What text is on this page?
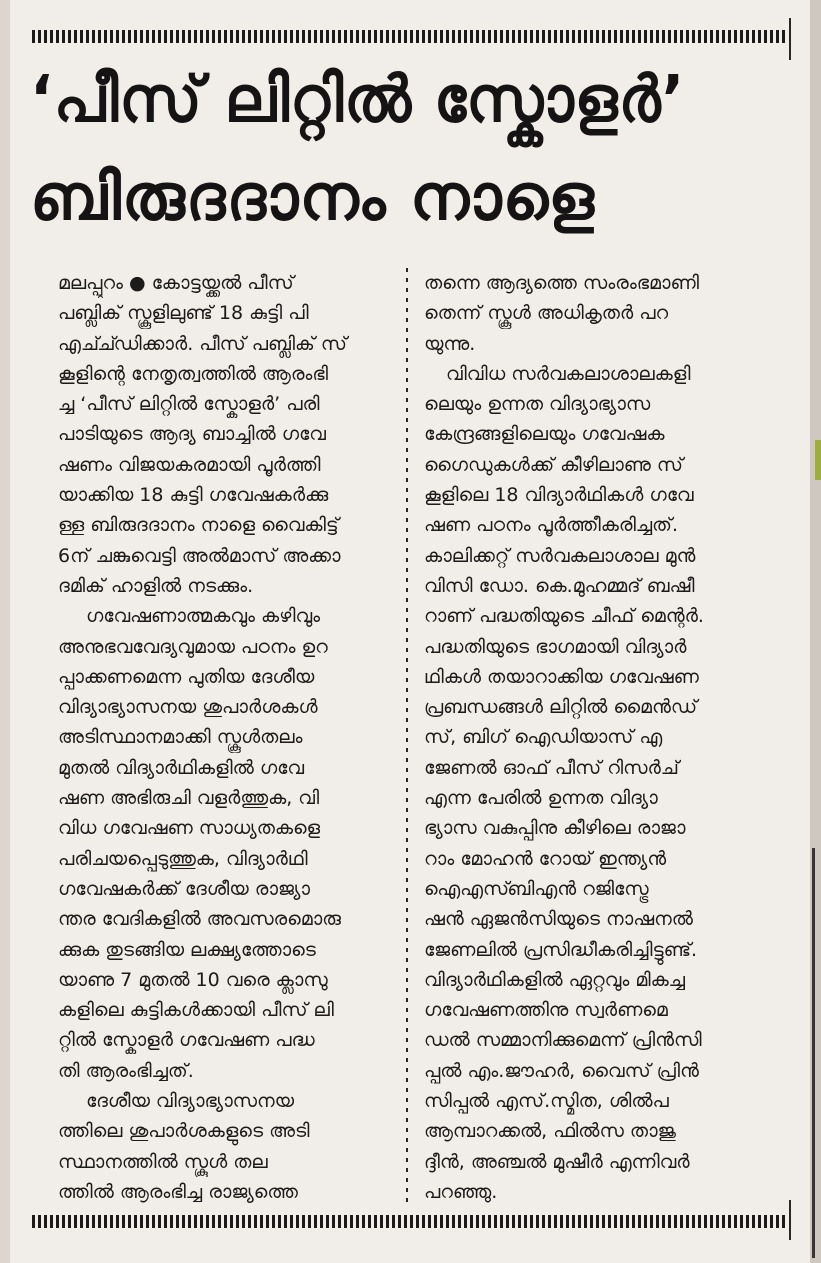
‘പീസ് ലിറ്റിൽ സ്കോളർ’
ബിരുദദാനം നാളെ

മലപ്പുറം ● കോട്ടയ്ക്കൽ പീസ്

പബ്ലിക് സ്കൂളിലുണ്ട് 18 കുട്ടി പി

എച്ച്ഡിക്കാർ. പീസ് പബ്ലിക് സ്

കൂളിന്റെ നേതൃത്വത്തിൽ ആരംഭി

ച്ച ‘പീസ് ലിറ്റിൽ സ്കോളർ’ പരി

പാടിയുടെ ആദ്യ ബാച്ചിൽ ഗവേ

ഷണം വിജയകരമായി പൂർത്തി

യാക്കിയ 18 കുട്ടി ഗവേഷകർക്കു

ള്ള ബിരുദദാനം നാളെ വൈകിട്ട്

6ന് ചങ്കുവെട്ടി അൽമാസ് അക്കാ

ദമിക് ഹാളിൽ നടക്കും.

ഗവേഷണാത്മകവും കഴിവും

അനുഭവവേദ്യവുമായ പഠനം ഉറ

പ്പാക്കണമെന്ന പുതിയ ദേശീയ

വിദ്യാഭ്യാസനയ ശുപാർശകൾ

അടിസ്ഥാനമാക്കി സ്കൂൾതലം

മുതൽ വിദ്യാർഥികളിൽ ഗവേ

ഷണ അഭിരുചി വളർത്തുക, വി

വിധ ഗവേഷണ സാധ്യതകളെ

പരിചയപ്പെടുത്തുക, വിദ്യാർഥി

ഗവേഷകർക്ക് ദേശീയ രാജ്യാ

ന്തര വേദികളിൽ അവസരമൊരു

ക്കുക തുടങ്ങിയ ലക്ഷ്യത്തോടെ

യാണു 7 മുതൽ 10 വരെ ക്ലാസു

കളിലെ കുട്ടികൾക്കായി പീസ് ലി

റ്റിൽ സ്കോളർ ഗവേഷണ പദ്ധ

തി ആരംഭിച്ചത്.

ദേശീയ വിദ്യാഭ്യാസനയ

ത്തിലെ ശുപാർശകളുടെ അടി

സ്ഥാനത്തിൽ സ്കൂൾ തല

ത്തിൽ ആരംഭിച്ച രാജ്യത്തെ

തന്നെ ആദ്യത്തെ സംരംഭമാണി

തെന്ന് സ്കൂൾ അധികൃതർ പറ

യുന്നു.

വിവിധ സർവകലാശാലകളി

ലെയും ഉന്നത വിദ്യാഭ്യാസ

കേന്ദ്രങ്ങളിലെയും ഗവേഷക

ഗൈഡുകൾക്ക് കീഴിലാണു സ്

കൂളിലെ 18 വിദ്യാർഥികൾ ഗവേ

ഷണ പഠനം പൂർത്തീകരിച്ചത്.

കാലിക്കറ്റ് സർവകലാശാല മുൻ

വിസി ഡോ. കെ.മുഹമ്മദ് ബഷീ

റാണ് പദ്ധതിയുടെ ചീഫ് മെന്റർ.

പദ്ധതിയുടെ ഭാഗമായി വിദ്യാർ

ഥികൾ തയാറാക്കിയ ഗവേഷണ

പ്രബന്ധങ്ങൾ ലിറ്റിൽ മൈൻഡ്

സ്, ബിഗ് ഐഡിയാസ് എ

ജേണൽ ഓഫ് പീസ് റിസർച്

എന്ന പേരിൽ ഉന്നത വിദ്യാ

ഭ്യാസ വകുപ്പിനു കീഴിലെ രാജാ

റാം മോഹൻ റോയ് ഇന്ത്യൻ

ഐഎസ്ബിഎൻ റജിസ്ട്രേ

ഷൻ ഏജൻസിയുടെ നാഷനൽ

ജേണലിൽ പ്രസിദ്ധീകരിച്ചിട്ടുണ്ട്.

വിദ്യാർഥികളിൽ ഏറ്റവും മികച്ച

ഗവേഷണത്തിനു സ്വർണമെ

ഡൽ സമ്മാനിക്കുമെന്ന് പ്രിൻസി

പ്പൽ എം.ജൗഹർ, വൈസ് പ്രിൻ

സിപ്പൽ എസ്.സ്മിത, ശിൽപ

ആമ്പാറക്കൽ, ഫിൽസ താജു

ദ്ദീൻ, അഞ്ചൽ മുഷീർ എന്നിവർ

പറഞ്ഞു.
